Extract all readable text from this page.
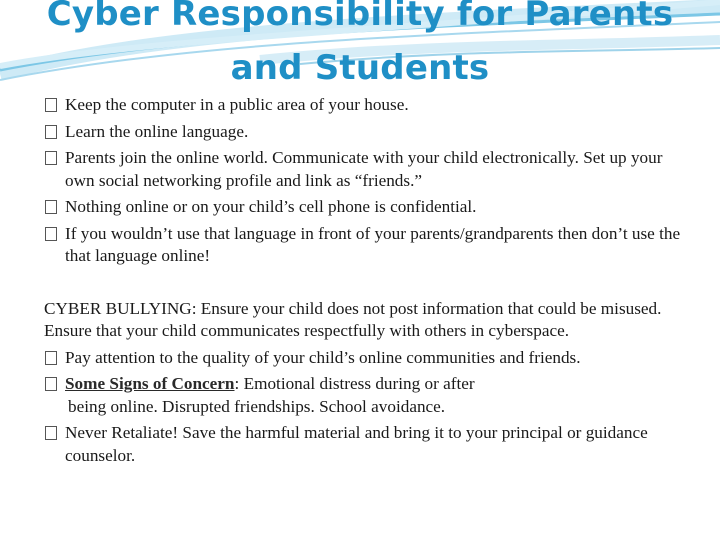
Cyber Responsibility for Parents
and Students
Keep the computer in a public area of your house.
Learn the online language.
Parents join the online world. Communicate with your child electronically. Set up your own social networking profile and link as “friends.”
Nothing online or on your child’s cell phone is confidential.
If you wouldn’t use that language in front of your parents/grandparents then don’t use the that language online!
CYBER BULLYING: Ensure your child does not post information that could be misused. Ensure that your child communicates respectfully with others in cyberspace.
Pay attention to the quality of your child’s online communities and friends.
Some Signs of Concern: Emotional distress during or after
being online. Disrupted friendships. School avoidance.
Never Retaliate! Save the harmful material and bring it to your principal or guidance counselor.
